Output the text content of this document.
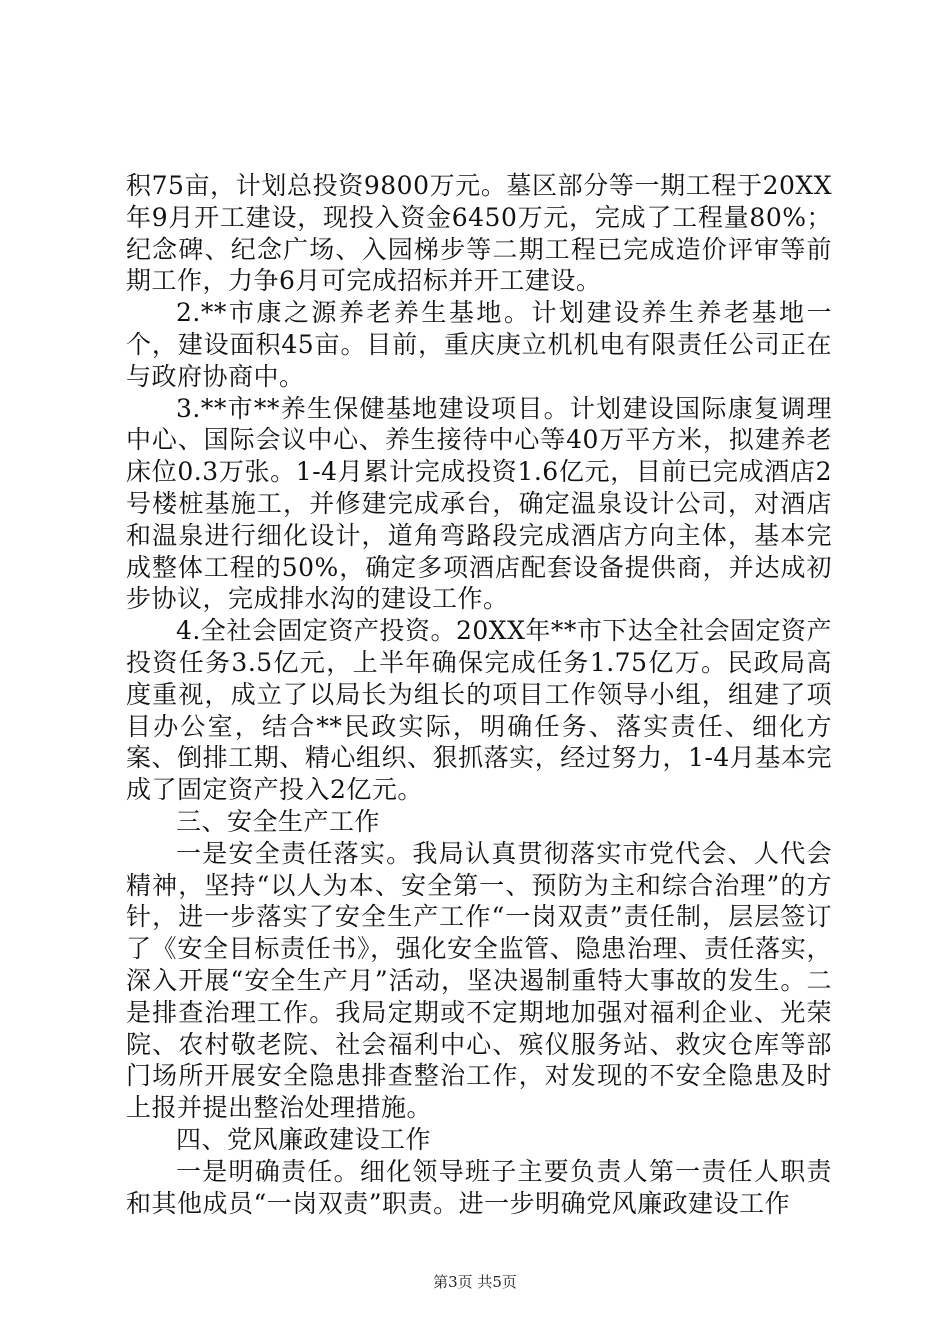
积75亩，计划总投资9800万元。墓区部分等一期工程于20XX年9月开工建设，现投入资金6450万元，完成了工程量80%；纪念碑、纪念广场、入园梯步等二期工程已完成造价评审等前期工作，力争6月可完成招标并开工建设。

2.**市康之源养老养生基地。计划建设养生养老基地一个，建设面积45亩。目前，重庆庚立机机电有限责任公司正在与政府协商中。

3.**市**养生保健基地建设项目。计划建设国际康复调理中心、国际会议中心、养生接待中心等40万平方米，拟建养老床位0.3万张。1-4月累计完成投资1.6亿元，目前已完成酒店2号楼桩基施工，并修建完成承台，确定温泉设计公司，对酒店和温泉进行细化设计，道角弯路段完成酒店方向主体，基本完成整体工程的50%，确定多项酒店配套设备提供商，并达成初步协议，完成排水沟的建设工作。

4.全社会固定资产投资。20XX年**市下达全社会固定资产投资任务3.5亿元，上半年确保完成任务1.75亿万。民政局高度重视，成立了以局长为组长的项目工作领导小组，组建了项目办公室，结合**民政实际，明确任务、落实责任、细化方案、倒排工期、精心组织、狠抓落实，经过努力，1-4月基本完成了固定资产投入2亿元。

三、安全生产工作

一是安全责任落实。我局认真贯彻落实市党代会、人代会精神，坚持“以人为本、安全第一、预防为主和综合治理”的方针，进一步落实了安全生产工作“一岗双责”责任制，层层签订了《安全目标责任书》，强化安全监管、隐患治理、责任落实，深入开展“安全生产月”活动，坚决遏制重特大事故的发生。二是排查治理工作。我局定期或不定期地加强对福利企业、光荣院、农村敬老院、社会福利中心、殡仪服务站、救灾仓库等部门场所开展安全隐患排查整治工作，对发现的不安全隐患及时上报并提出整治处理措施。

四、党风廉政建设工作

一是明确责任。细化领导班子主要负责人第一责任人职责和其他成员“一岗双责”职责。进一步明确党风廉政建设工作

第3页 共5页
